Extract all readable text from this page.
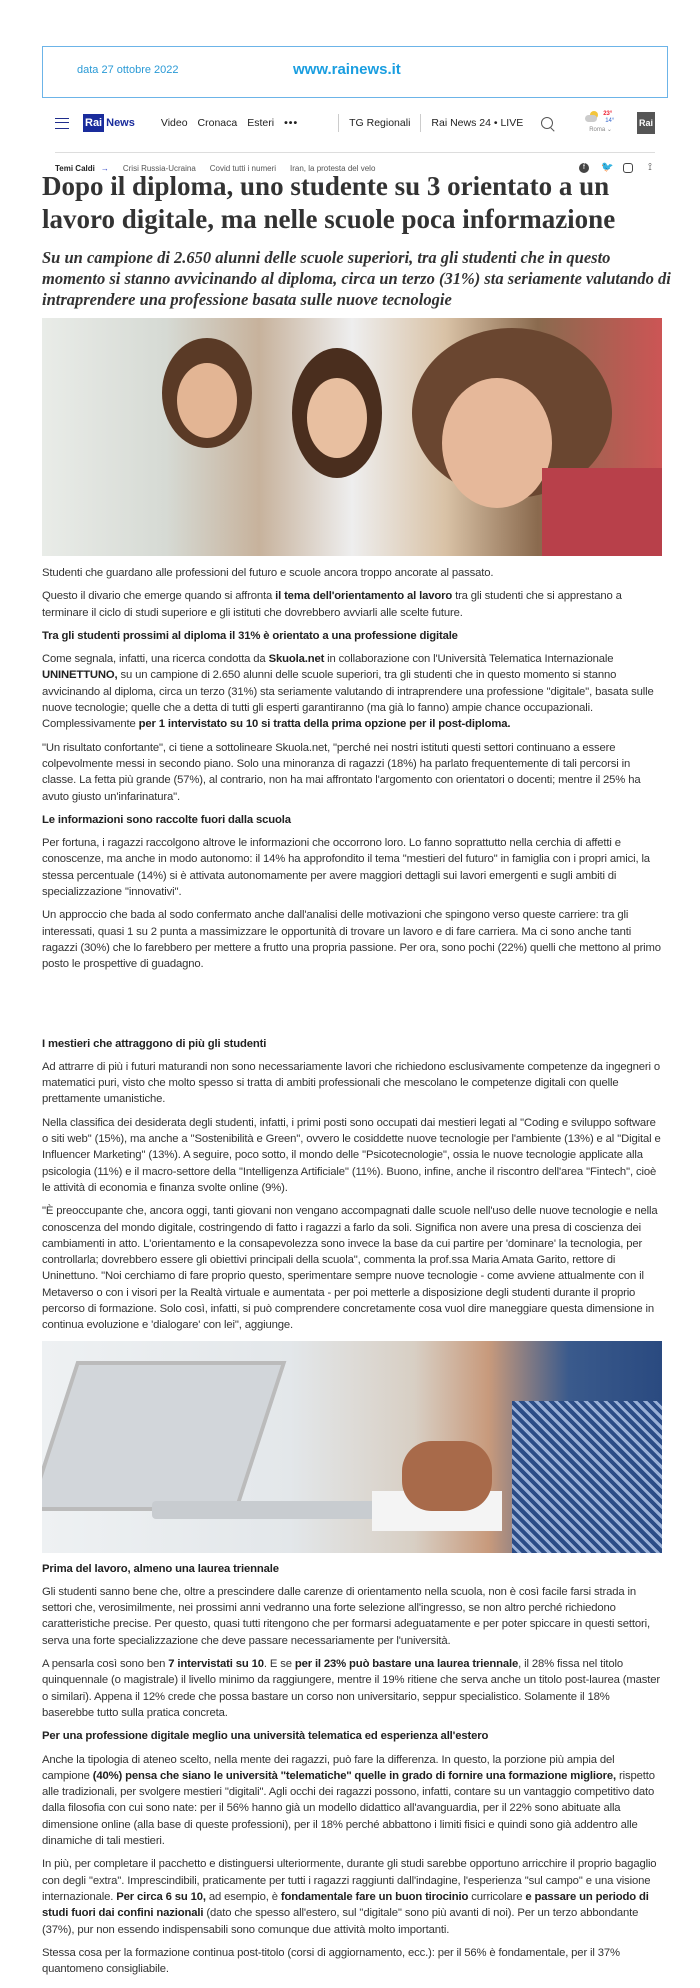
data 27 ottobre 2022	www.rainews.it
Rai News Video Cronaca Esteri •••	TG Regionali Rai News 24 • LIVE
23°
14°
Roma ⌄
Rai
Temi Caldi → Crisi Russia-Ucraina Covid tutti i numeri Iran, la protesta del velo	f	🐦	⟟
Dopo il diploma, uno studente su 3 orientato a un lavoro digitale, ma nelle scuole poca informazione
Su un campione di 2.650 alunni delle scuole superiori, tra gli studenti che in questo momento si stanno avvicinando al diploma, circa un terzo (31%) sta seriamente valutando di intraprendere una professione basata sulle nuove tecnologie

Studenti che guardano alle professioni del futuro e scuole ancora troppo ancorate al passato.

Questo il divario che emerge quando si affronta il tema dell'orientamento al lavoro tra gli studenti che si apprestano a terminare il ciclo di studi superiore e gli istituti che dovrebbero avviarli alle scelte future.

Tra gli studenti prossimi al diploma il 31% è orientato a una professione digitale

Come segnala, infatti, una ricerca condotta da Skuola.net in collaborazione con l'Università Telematica Internazionale UNINETTUNO, su un campione di 2.650 alunni delle scuole superiori, tra gli studenti che in questo momento si stanno avvicinando al diploma, circa un terzo (31%) sta seriamente valutando di intraprendere una professione ''digitale'', basata sulle nuove tecnologie; quelle che a detta di tutti gli esperti garantiranno (ma già lo fanno) ampie chance occupazionali. Complessivamente per 1 intervistato su 10 si tratta della prima opzione per il post-diploma.

"Un risultato confortante", ci tiene a sottolineare Skuola.net, "perché nei nostri istituti questi settori continuano a essere colpevolmente messi in secondo piano. Solo una minoranza di ragazzi (18%) ha parlato frequentemente di tali percorsi in classe. La fetta più grande (57%), al contrario, non ha mai affrontato l'argomento con orientatori o docenti; mentre il 25% ha avuto giusto un'infarinatura".

Le informazioni sono raccolte fuori dalla scuola

Per fortuna, i ragazzi raccolgono altrove le informazioni che occorrono loro. Lo fanno soprattutto nella cerchia di affetti e conoscenze, ma anche in modo autonomo: il 14% ha approfondito il tema ''mestieri del futuro'' in famiglia con i propri amici, la stessa percentuale (14%) si è attivata autonomamente per avere maggiori dettagli sui lavori emergenti e sugli ambiti di specializzazione ''innovativi''.

Un approccio che bada al sodo confermato anche dall'analisi delle motivazioni che spingono verso queste carriere: tra gli interessati, quasi 1 su 2 punta a massimizzare le opportunità di trovare un lavoro e di fare carriera. Ma ci sono anche tanti ragazzi (30%) che lo farebbero per mettere a frutto una propria passione. Per ora, sono pochi (22%) quelli che mettono al primo posto le prospettive di guadagno.

I mestieri che attraggono di più gli studenti

Ad attrarre di più i futuri maturandi non sono necessariamente lavori che richiedono esclusivamente competenze da ingegneri o matematici puri, visto che molto spesso si tratta di ambiti professionali che mescolano le competenze digitali con quelle prettamente umanistiche.

Nella classifica dei desiderata degli studenti, infatti, i primi posti sono occupati dai mestieri legati al ''Coding e sviluppo software o siti web'' (15%), ma anche a ''Sostenibilità e Green'', ovvero le cosiddette nuove tecnologie per l'ambiente (13%) e al ''Digital e Influencer Marketing'' (13%). A seguire, poco sotto, il mondo delle ''Psicotecnologie'', ossia le nuove tecnologie applicate alla psicologia (11%) e il macro-settore della ''Intelligenza Artificiale'' (11%). Buono, infine, anche il riscontro dell'area ''Fintech'', cioè le attività di economia e finanza svolte online (9%).

"È preoccupante che, ancora oggi, tanti giovani non vengano accompagnati dalle scuole nell'uso delle nuove tecnologie e nella conoscenza del mondo digitale, costringendo di fatto i ragazzi a farlo da soli. Significa non avere una presa di coscienza dei cambiamenti in atto. L'orientamento e la consapevolezza sono invece la base da cui partire per 'dominare' la tecnologia, per controllarla; dovrebbero essere gli obiettivi principali della scuola", commenta la prof.ssa Maria Amata Garito, rettore di Uninettuno. "Noi cerchiamo di fare proprio questo, sperimentare sempre nuove tecnologie - come avviene attualmente con il Metaverso o con i visori per la Realtà virtuale e aumentata - per poi metterle a disposizione degli studenti durante il proprio percorso di formazione. Solo così, infatti, si può comprendere concretamente cosa vuol dire maneggiare questa dimensione in continua evoluzione e 'dialogare' con lei", aggiunge.

Prima del lavoro, almeno una laurea triennale

Gli studenti sanno bene che, oltre a prescindere dalle carenze di orientamento nella scuola, non è così facile farsi strada in settori che, verosimilmente, nei prossimi anni vedranno una forte selezione all'ingresso, se non altro perché richiedono caratteristiche precise. Per questo, quasi tutti ritengono che per formarsi adeguatamente e per poter spiccare in questi settori, serva una forte specializzazione che deve passare necessariamente per l'università.

A pensarla così sono ben 7 intervistati su 10. E se per il 23% può bastare una laurea triennale, il 28% fissa nel titolo quinquennale (o magistrale) il livello minimo da raggiungere, mentre il 19% ritiene che serva anche un titolo post-laurea (master o similari). Appena il 12% crede che possa bastare un corso non universitario, seppur specialistico. Solamente il 18% baserebbe tutto sulla pratica concreta.

Per una professione digitale meglio una università telematica ed esperienza all'estero

Anche la tipologia di ateneo scelto, nella mente dei ragazzi, può fare la differenza. In questo, la porzione più ampia del campione (40%) pensa che siano le università ''telematiche'' quelle in grado di fornire una formazione migliore, rispetto alle tradizionali, per svolgere mestieri "digitali". Agli occhi dei ragazzi possono, infatti, contare su un vantaggio competitivo dato dalla filosofia con cui sono nate: per il 56% hanno già un modello didattico all'avanguardia, per il 22% sono abituate alla dimensione online (alla base di queste professioni), per il 18% perché abbattono i limiti fisici e quindi sono già addentro alle dinamiche di tali mestieri.

In più, per completare il pacchetto e distinguersi ulteriormente, durante gli studi sarebbe opportuno arricchire il proprio bagaglio con degli ''extra''. Imprescindibili, praticamente per tutti i ragazzi raggiunti dall'indagine, l'esperienza ''sul campo'' e una visione internazionale. Per circa 6 su 10, ad esempio, è fondamentale fare un buon tirocinio curricolare e passare un periodo di studi fuori dai confini nazionali (dato che spesso all'estero, sul ''digitale'' sono più avanti di noi). Per un terzo abbondante (37%), pur non essendo indispensabili sono comunque due attività molto importanti.

Stessa cosa per la formazione continua post-titolo (corsi di aggiornamento, ecc.): per il 56% è fondamentale, per il 37% quantomeno consigliabile.
